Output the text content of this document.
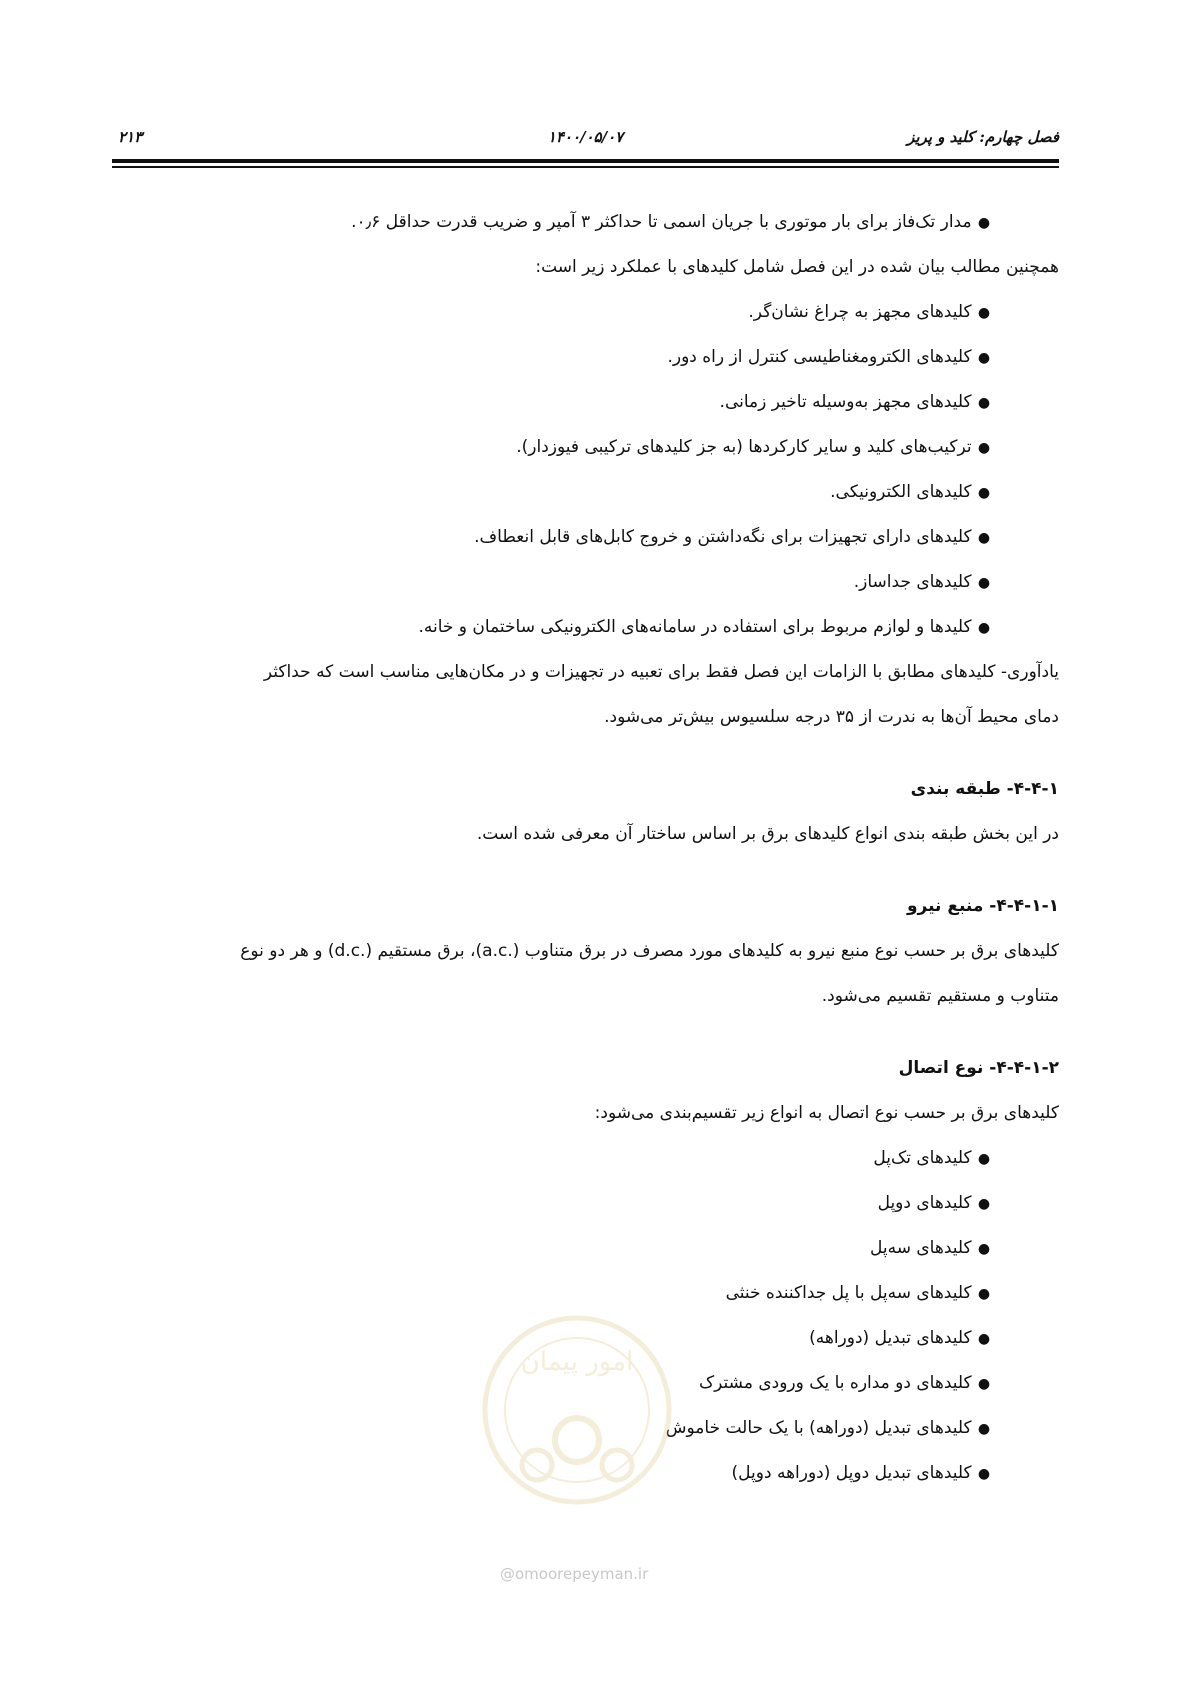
فصل چهارم: کلید و پریز
۱۴۰۰/۰۵/۰۷
۲۱۳
● مدار تک‌فاز برای بار موتوری با جریان اسمی تا حداکثر ۳ آمپر و ضریب قدرت حداقل ۰٫۶.

همچنین مطالب بیان شده در این فصل شامل کلیدهای با عملکرد زیر است:

● کلیدهای مجهز به چراغ نشان‌گر.
● کلیدهای الکترومغناطیسی کنترل از راه دور.
● کلیدهای مجهز به‌وسیله تاخیر زمانی.
● ترکیب‌های کلید و سایر کارکردها (به جز کلیدهای ترکیبی فیوزدار).
● کلیدهای الکترونیکی.
● کلیدهای دارای تجهیزات برای نگه‌داشتن و خروج کابل‌های قابل انعطاف.
● کلیدهای جداساز.
● کلیدها و لوازم مربوط برای استفاده در سامانه‌های الکترونیکی ساختمان و خانه.

یادآوری- کلیدهای مطابق با الزامات این فصل فقط برای تعبیه در تجهیزات و در مکان‌هایی مناسب است که حداکثر

دمای محیط آن‌ها به ندرت از ۳۵ درجه سلسیوس بیش‌تر می‌شود.

۴-۴-۱- طبقه بندی

در این بخش طبقه بندی انواع کلیدهای برق بر اساس ساختار آن معرفی شده است.

۴-۴-۱-۱- منبع نیرو

کلیدهای برق بر حسب نوع منبع نیرو به کلیدهای مورد مصرف در برق متناوب (.a.c)، برق مستقیم (.d.c) و هر دو نوع

متناوب و مستقیم تقسیم می‌شود.

۴-۴-۱-۲- نوع اتصال

کلیدهای برق بر حسب نوع اتصال به انواع زیر تقسیم‌بندی می‌شود:

● کلیدهای تک‌پل
● کلیدهای دوپل
● کلیدهای سه‌پل
● کلیدهای سه‌پل با پل جداکننده خنثی
● کلیدهای تبدیل (دوراهه)
● کلیدهای دو مداره با یک ورودی مشترک
● کلیدهای تبدیل (دوراهه) با یک حالت خاموش
● کلیدهای تبدیل دوپل (دوراهه دوپل)
امور پیمان
@omoorepeyman.ir
